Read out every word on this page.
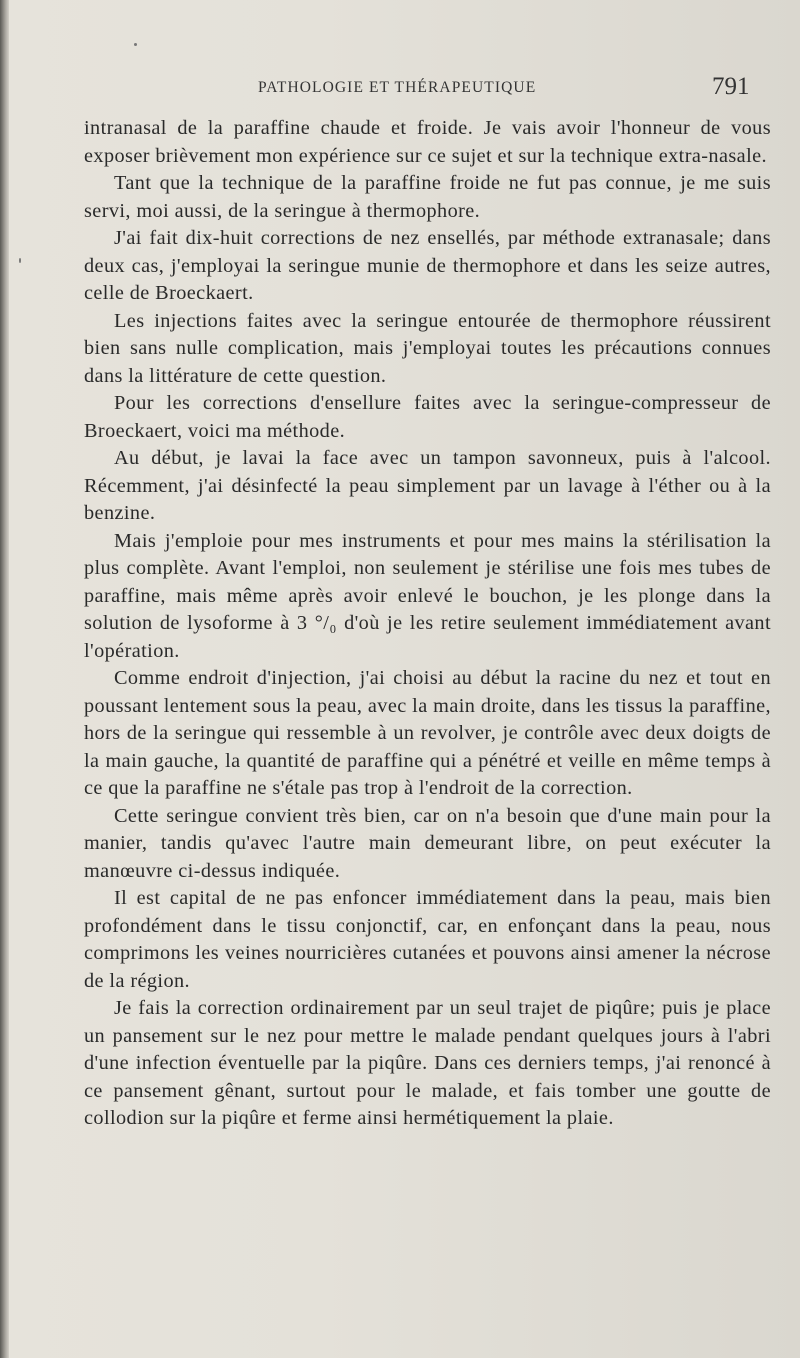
PATHOLOGIE ET THÉRAPEUTIQUE	791

intranasal de la paraffine chaude et froide. Je vais avoir l'honneur de vous exposer brièvement mon expérience sur ce sujet et sur la technique extra-nasale.

Tant que la technique de la paraffine froide ne fut pas connue, je me suis servi, moi aussi, de la seringue à thermophore.

J'ai fait dix-huit corrections de nez ensellés, par méthode extranasale; dans deux cas, j'employai la seringue munie de thermophore et dans les seize autres, celle de Broeckaert.

Les injections faites avec la seringue entourée de thermophore réussirent bien sans nulle complication, mais j'employai toutes les précautions connues dans la littérature de cette question.

Pour les corrections d'ensellure faites avec la seringue-compresseur de Broeckaert, voici ma méthode.

Au début, je lavai la face avec un tampon savonneux, puis à l'alcool. Récemment, j'ai désinfecté la peau simplement par un lavage à l'éther ou à la benzine.

Mais j'emploie pour mes instruments et pour mes mains la stérilisation la plus complète. Avant l'emploi, non seulement je stérilise une fois mes tubes de paraffine, mais même après avoir enlevé le bouchon, je les plonge dans la solution de lysoforme à 3 °/₀ d'où je les retire seulement immédiatement avant l'opération.

Comme endroit d'injection, j'ai choisi au début la racine du nez et tout en poussant lentement sous la peau, avec la main droite, dans les tissus la paraffine, hors de la seringue qui ressemble à un revolver, je contrôle avec deux doigts de la main gauche, la quantité de paraffine qui a pénétré et veille en même temps à ce que la paraffine ne s'étale pas trop à l'endroit de la correction.

Cette seringue convient très bien, car on n'a besoin que d'une main pour la manier, tandis qu'avec l'autre main demeurant libre, on peut exécuter la manœuvre ci-dessus indiquée.

Il est capital de ne pas enfoncer immédiatement dans la peau, mais bien profondément dans le tissu conjonctif, car, en enfonçant dans la peau, nous comprimons les veines nourricières cutanées et pouvons ainsi amener la nécrose de la région.

Je fais la correction ordinairement par un seul trajet de piqûre; puis je place un pansement sur le nez pour mettre le malade pendant quelques jours à l'abri d'une infection éventuelle par la piqûre. Dans ces derniers temps, j'ai renoncé à ce pansement gênant, surtout pour le malade, et fais tomber une goutte de collodion sur la piqûre et ferme ainsi hermétiquement la plaie.
